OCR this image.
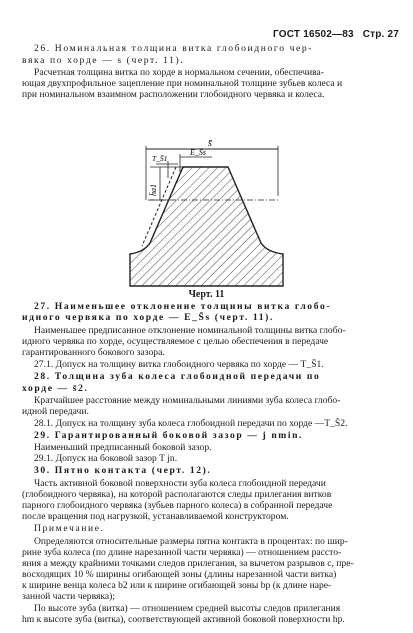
ГОСТ 16502—83 Стр. 27
26. Номинальная толщина витка глобоидного чер-
вяка по хорде — s (черт. 11).
Расчетная толщина витка по хорде в нормальном сечении, обеспечива-
ющая двухпрофильное зацепление при номинальной толщине зубьев колеса и
при номинальном взаимном расположении глобоидного червяка и колеса.
s̄
E_S̄s
T_S̄1
h̄a1
Черт. 11
27. Наименьшее отклонение толщины витка глобо-
идного червяка по хорде — E_S̄s (черт. 11).
Наименьшее предписанное отклонение номинальной толщины витка глобо-
идного червяка по хорде, осуществляемое с целью обеспечения в передаче
гарантированного бокового зазора.
27.1. Допуск на толщину витка глобоидного червяка по хорде — T_S̄1.
28. Толщина зуба колеса глобоидной передачи по
хорде — s̄2.
Кратчайшее расстояние между номинальными линиями зуба колеса глобо-
идной передачи.
28.1. Допуск на толщину зуба колеса глобоидной передачи по хорде —T_S̄2.
29. Гарантированный боковой зазор — j nmin.
Наименьший предписанный боковой зазор.
29.1. Допуск на боковой зазор T jn.
30. Пятно контакта (черт. 12).
Часть активной боковой поверхности зуба колеса глобоидной передачи
(глобоидного червяка), на которой располагаются следы прилегания витков
парного глобоидного червяка (зубьев парного колеса) в собранной передаче
после вращения под нагрузкой, устанавливаемой конструктором.
Примечание.
Определяются относительные размеры пятна контакта в процентах: по шир-
рине зуба колеса (по длине нарезанной части червяка) — отношением рассто-
яния a между крайними точками следов прилегания, за вычетом разрывов c, пре-
восходящих 10 % ширины огибающей зоны (длины нарезанной части витка)
к ширине венца колеса b2 или к ширине огибающей зоны bp (к длине наре-
занной части червяка);
По высоте зуба (витка) — отношением средней высоты следов прилегания
hm к высоте зуба (витка), соответствующей активной боковой поверхности hp.
